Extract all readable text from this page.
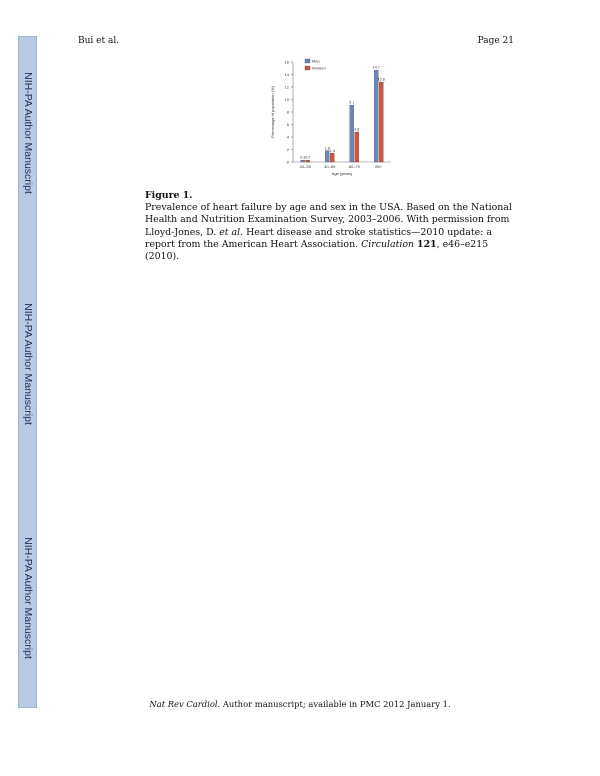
NIH-PA Author Manuscript
NIH-PA Author Manuscript
NIH-PA Author Manuscript
Bui et al.	Page 21
0
2
4
6
8
10
12
14
16
Percentage of population (%)
0.3 0.2
20–39
1.8
1.4
40–59
9.1
4.8
60–79
14.7
12.8
80+
Age (years)
Men
Women
Figure 1.
Prevalence of heart failure by age and sex in the USA. Based on the National Health and Nutrition Examination Survey, 2003–2006. With permission from Lloyd-Jones, D. et al. Heart disease and stroke statistics—2010 update: a report from the American Heart Association. Circulation 121, e46–e215 (2010).
Nat Rev Cardiol. Author manuscript; available in PMC 2012 January 1.
